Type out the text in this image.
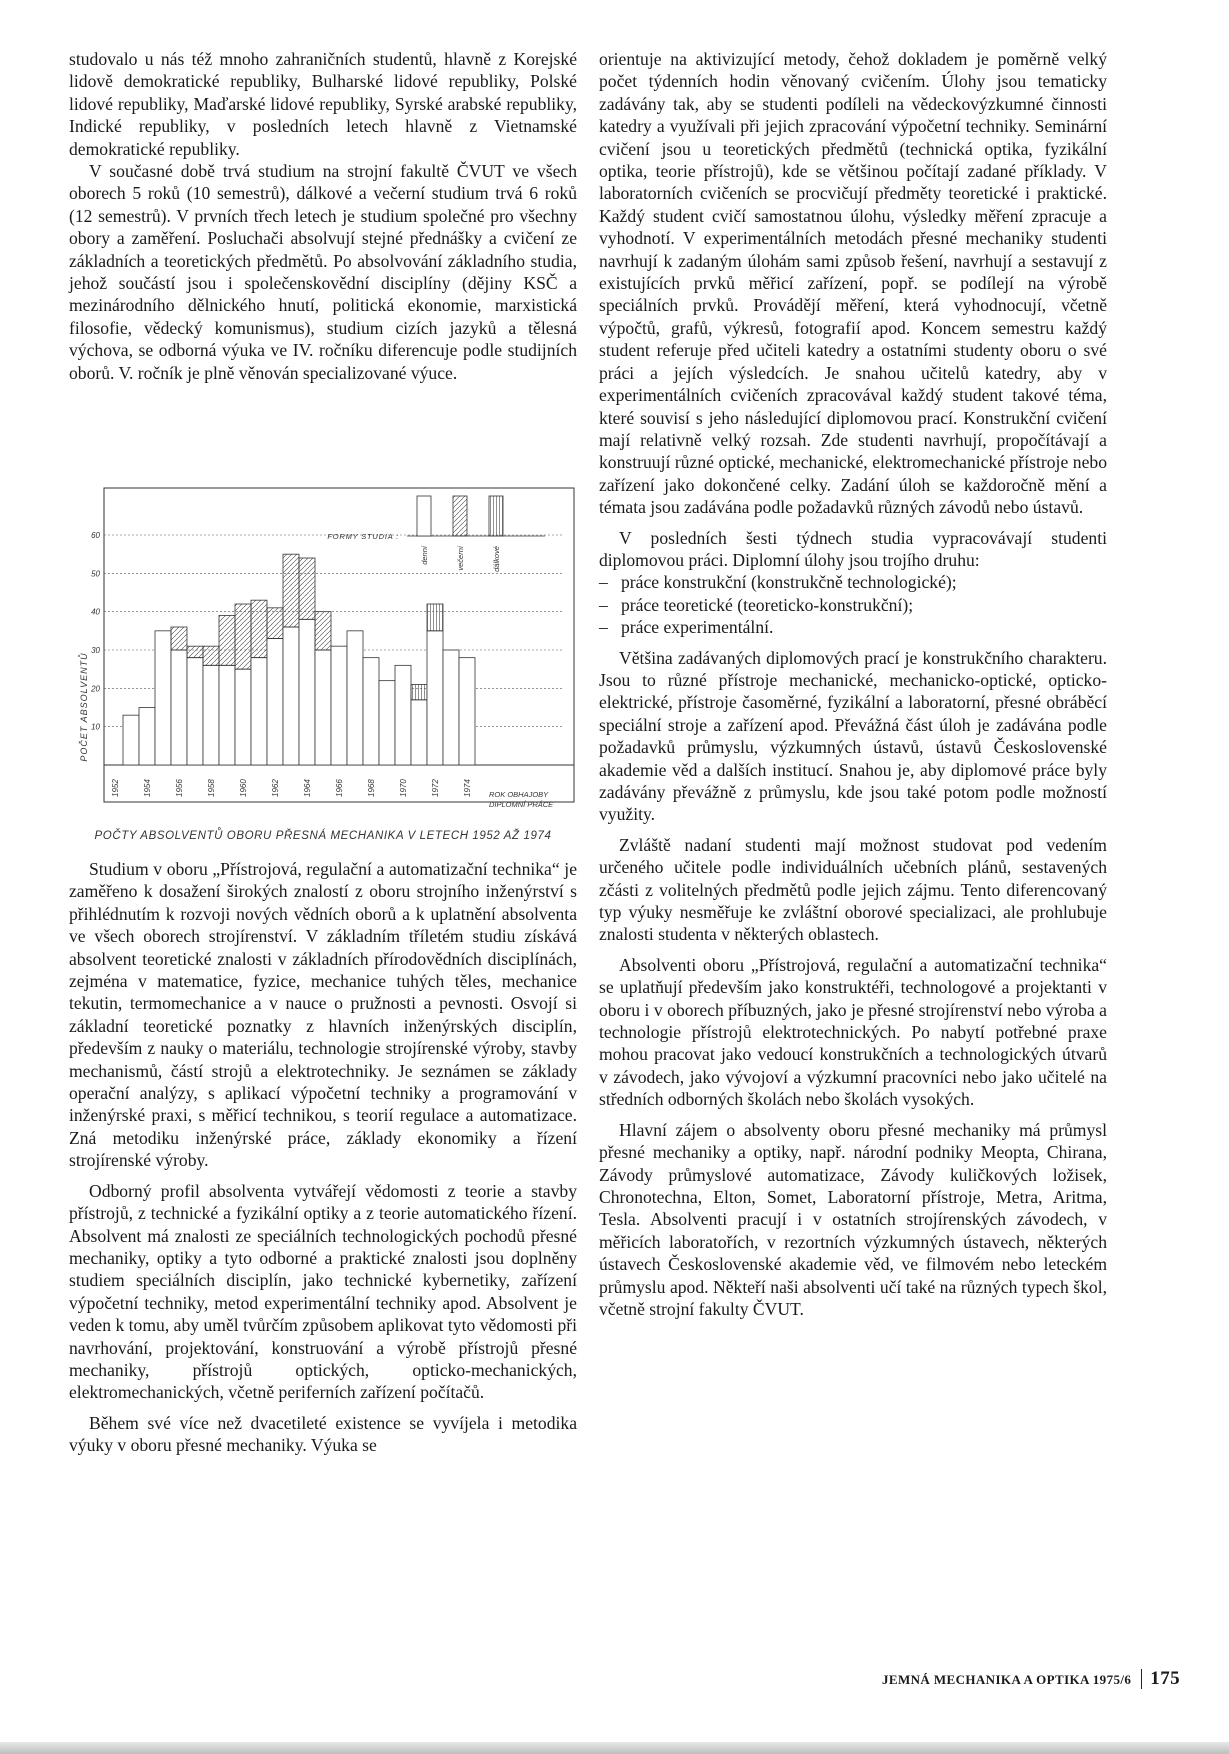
studovalo u nás též mnoho zahraničních studentů, hlavně z Korejské lidově demokratické republiky, Bulharské lidové republiky, Polské lidové republiky, Maďarské lidové republiky, Syrské arabské republiky, Indické republiky, v posledních letech hlavně z Vietnamské demokratické republiky.

V současné době trvá studium na strojní fakultě ČVUT ve všech oborech 5 roků (10 semestrů), dálkové a večerní studium trvá 6 roků (12 semestrů). V prvních třech letech je studium společné pro všechny obory a zaměření. Posluchači absolvují stejné přednášky a cvičení ze základních a teoretických předmětů. Po absolvování základního studia, jehož součástí jsou i společenskovědní disciplíny (dějiny KSČ a mezinárodního dělnického hnutí, politická ekonomie, marxistická filosofie, vědecký komunismus), studium cizích jazyků a tělesná výchova, se odborná výuka ve IV. ročníku diferencuje podle studijních oborů. V. ročník je plně věnován specializované výuce.

10
20
30
40
50
60
1952	1954	1956	1958	1960	1962	1964	1966	1968	1970	1972	1974
FORMY STUDIA :
denní	večerní	dálkové
POČET ABSOLVENTŮ
ROK OBHAJOBY
DIPLOMNÍ PRÁCE
POČTY ABSOLVENTŮ OBORU PŘESNÁ MECHANIKA V LETECH 1952 AŽ 1974

Studium v oboru „Přístrojová, regulační a automatizační technika“ je zaměřeno k dosažení širokých znalostí z oboru strojního inženýrství s přihlédnutím k rozvoji nových vědních oborů a k uplatnění absolventa ve všech oborech strojírenství. V základním tříletém studiu získává absolvent teoretické znalosti v základních přírodovědních disciplínách, zejména v matematice, fyzice, mechanice tuhých těles, mechanice tekutin, termomechanice a v nauce o pružnosti a pevnosti. Osvojí si základní teoretické poznatky z hlavních inženýrských disciplín, především z nauky o materiálu, technologie strojírenské výroby, stavby mechanismů, částí strojů a elektrotechniky. Je seznámen se základy operační analýzy, s aplikací výpočetní techniky a programování v inženýrské praxi, s měřicí technikou, s teorií regulace a automatizace. Zná metodiku inženýrské práce, základy ekonomiky a řízení strojírenské výroby.

Odborný profil absolventa vytvářejí vědomosti z teorie a stavby přístrojů, z technické a fyzikální optiky a z teorie automatického řízení. Absolvent má znalosti ze speciálních technologických pochodů přesné mechaniky, optiky a tyto odborné a praktické znalosti jsou doplněny studiem speciálních disciplín, jako technické kybernetiky, zařízení výpočetní techniky, metod experimentální techniky apod. Absolvent je veden k tomu, aby uměl tvůrčím způsobem aplikovat tyto vědomosti při navrhování, projektování, konstruování a výrobě přístrojů přesné mechaniky, přístrojů optických, opticko-mechanických, elektromechanických, včetně periferních zařízení počítačů.

Během své více než dvacetileté existence se vyvíjela i metodika výuky v oboru přesné mechaniky. Výuka se

orientuje na aktivizující metody, čehož dokladem je poměrně velký počet týdenních hodin věnovaný cvičením. Úlohy jsou tematicky zadávány tak, aby se studenti podíleli na vědeckovýzkumné činnosti katedry a využívali při jejich zpracování výpočetní techniky. Seminární cvičení jsou u teoretických předmětů (technická optika, fyzikální optika, teorie přístrojů), kde se většinou počítají zadané příklady. V laboratorních cvičeních se procvičují předměty teoretické i praktické. Každý student cvičí samostatnou úlohu, výsledky měření zpracuje a vyhodnotí. V experimentálních metodách přesné mechaniky studenti navrhují k zadaným úlohám sami způsob řešení, navrhují a sestavují z existujících prvků měřicí zařízení, popř. se podílejí na výrobě speciálních prvků. Provádějí měření, která vyhodnocují, včetně výpočtů, grafů, výkresů, fotografií apod. Koncem semestru každý student referuje před učiteli katedry a ostatními studenty oboru o své práci a jejích výsledcích. Je snahou učitelů katedry, aby v experimentálních cvičeních zpracovával každý student takové téma, které souvisí s jeho následující diplomovou prací. Konstrukční cvičení mají relativně velký rozsah. Zde studenti navrhují, propočítávají a konstruují různé optické, mechanické, elektromechanické přístroje nebo zařízení jako dokončené celky. Zadání úloh se každoročně mění a témata jsou zadávána podle požadavků různých závodů nebo ústavů.

V posledních šesti týdnech studia vypracovávají studenti diplomovou práci. Diplomní úlohy jsou trojího druhu:

– práce konstrukční (konstrukčně technologické);
– práce teoretické (teoreticko-konstrukční);
– práce experimentální.

Většina zadávaných diplomových prací je konstrukčního charakteru. Jsou to různé přístroje mechanické, mechanicko-optické, opticko-elektrické, přístroje časoměrné, fyzikální a laboratorní, přesné obráběcí speciální stroje a zařízení apod. Převážná část úloh je zadávána podle požadavků průmyslu, výzkumných ústavů, ústavů Československé akademie věd a dalších institucí. Snahou je, aby diplomové práce byly zadávány převážně z průmyslu, kde jsou také potom podle možností využity.

Zvláště nadaní studenti mají možnost studovat pod vedením určeného učitele podle individuálních učebních plánů, sestavených zčásti z volitelných předmětů podle jejich zájmu. Tento diferencovaný typ výuky nesměřuje ke zvláštní oborové specializaci, ale prohlubuje znalosti studenta v některých oblastech.

Absolventi oboru „Přístrojová, regulační a automatizační technika“ se uplatňují především jako konstruktéři, technologové a projektanti v oboru i v oborech příbuzných, jako je přesné strojírenství nebo výroba a technologie přístrojů elektrotechnických. Po nabytí potřebné praxe mohou pracovat jako vedoucí konstrukčních a technologických útvarů v závodech, jako vývojoví a výzkumní pracovníci nebo jako učitelé na středních odborných školách nebo školách vysokých.

Hlavní zájem o absolventy oboru přesné mechaniky má průmysl přesné mechaniky a optiky, např. národní podniky Meopta, Chirana, Závody průmyslové automatizace, Závody kuličkových ložisek, Chronotechna, Elton, Somet, Laboratorní přístroje, Metra, Aritma, Tesla. Absolventi pracují i v ostatních strojírenských závodech, v měřicích laboratořích, v rezortních výzkumných ústavech, některých ústavech Československé akademie věd, ve filmovém nebo leteckém průmyslu apod. Někteří naši absolventi učí také na různých typech škol, včetně strojní fakulty ČVUT.

JEMNÁ MECHANIKA A OPTIKA 1975/6 175
